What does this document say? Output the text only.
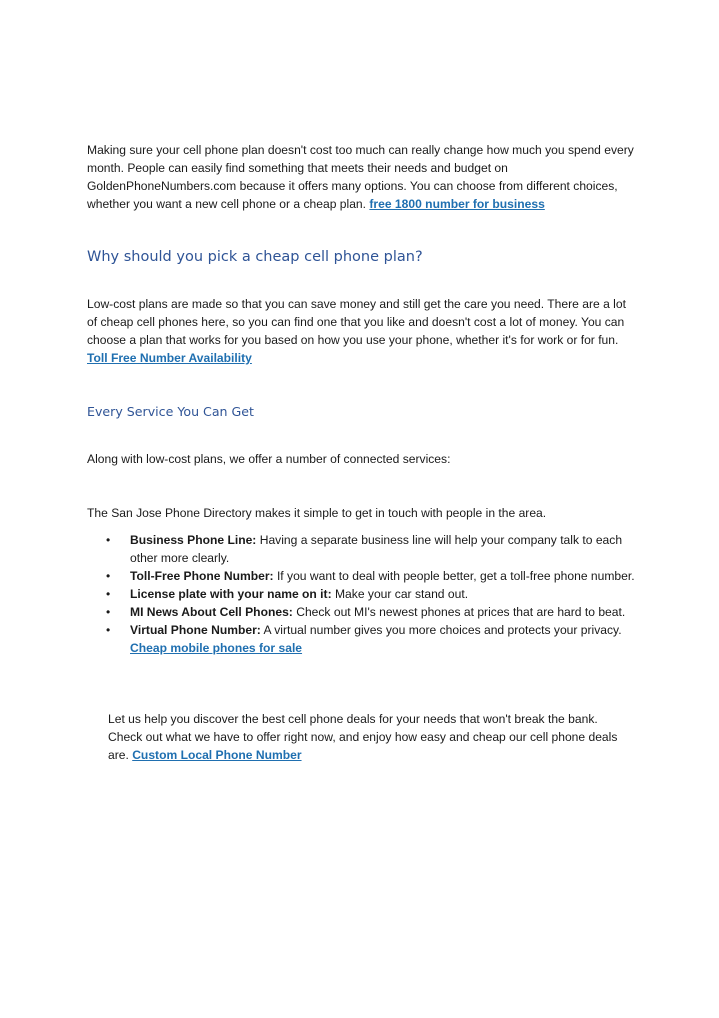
Making sure your cell phone plan doesn't cost too much can really change how much you spend every month. People can easily find something that meets their needs and budget on GoldenPhoneNumbers.com because it offers many options. You can choose from different choices, whether you want a new cell phone or a cheap plan. free 1800 number for business

Why should you pick a cheap cell phone plan?

Low-cost plans are made so that you can save money and still get the care you need. There are a lot of cheap cell phones here, so you can find one that you like and doesn't cost a lot of money. You can choose a plan that works for you based on how you use your phone, whether it's for work or for fun. Toll Free Number Availability

Every Service You Can Get

Along with low-cost plans, we offer a number of connected services:

The San Jose Phone Directory makes it simple to get in touch with people in the area.

• Business Phone Line: Having a separate business line will help your company talk to each other more clearly.
• Toll-Free Phone Number: If you want to deal with people better, get a toll-free phone number.
• License plate with your name on it: Make your car stand out.
• MI News About Cell Phones: Check out MI's newest phones at prices that are hard to beat.
• Virtual Phone Number: A virtual number gives you more choices and protects your privacy. Cheap mobile phones for sale

Let us help you discover the best cell phone deals for your needs that won't break the bank. Check out what we have to offer right now, and enjoy how easy and cheap our cell phone deals are. Custom Local Phone Number
